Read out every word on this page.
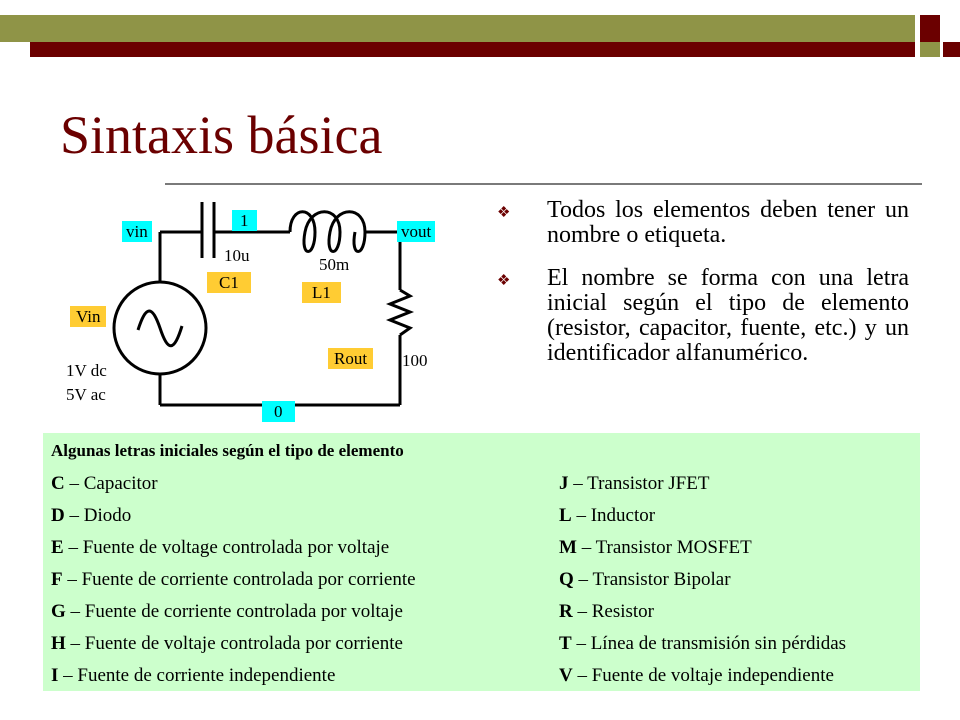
Sintaxis básica
vin
1
vout
0
10u
C1
50m
L1
Rout	100
Vin
1V dc
5V ac
❖ Todos los elementos deben tener un nombre o etiqueta.
❖ El nombre se forma con una letra inicial según el tipo de elemento (resistor, capacitor, fuente, etc.) y un identificador alfanumérico.
Algunas letras iniciales según el tipo de elemento
C – Capacitor
D – Diodo
E – Fuente de voltage controlada por voltaje
F – Fuente de corriente controlada por corriente
G – Fuente de corriente controlada por voltaje
H – Fuente de voltaje controlada por corriente
I – Fuente de corriente independiente
J – Transistor JFET
L – Inductor
M – Transistor MOSFET
Q – Transistor Bipolar
R – Resistor
T – Línea de transmisión sin pérdidas
V – Fuente de voltaje independiente
